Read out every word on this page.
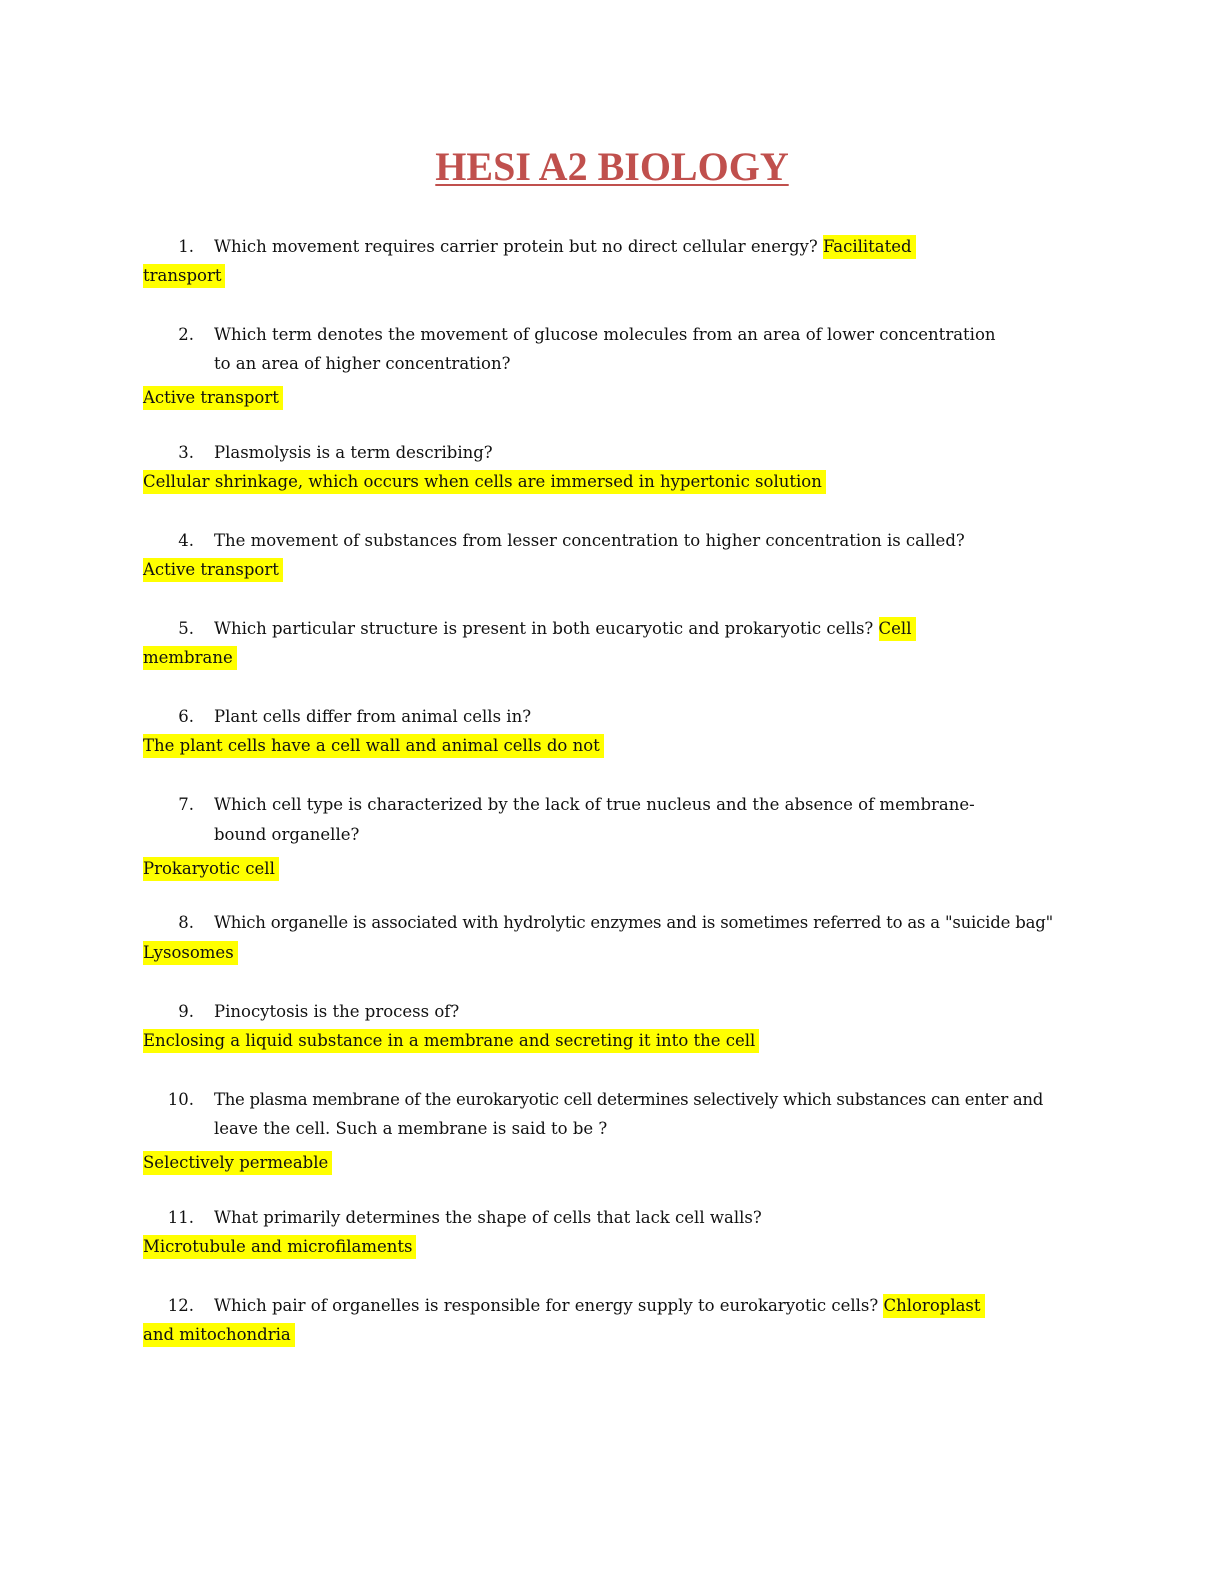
HESI A2 BIOLOGY
1. Which movement requires carrier protein but no direct cellular energy? Facilitated
transport
2. Which term denotes the movement of glucose molecules from an area of lower concentration
to an area of higher concentration?
Active transport
3. Plasmolysis is a term describing?
Cellular shrinkage, which occurs when cells are immersed in hypertonic solution
4. The movement of substances from lesser concentration to higher concentration is called?
Active transport
5. Which particular structure is present in both eucaryotic and prokaryotic cells? Cell
membrane
6. Plant cells differ from animal cells in?
The plant cells have a cell wall and animal cells do not
7. Which cell type is characterized by the lack of true nucleus and the absence of membrane-
bound organelle?
Prokaryotic cell
8. Which organelle is associated with hydrolytic enzymes and is sometimes referred to as a "suicide bag"
Lysosomes
9. Pinocytosis is the process of?
Enclosing a liquid substance in a membrane and secreting it into the cell
10. The plasma membrane of the eurokaryotic cell determines selectively which substances can enter and
leave the cell. Such a membrane is said to be ?
Selectively permeable
11. What primarily determines the shape of cells that lack cell walls?
Microtubule and microfilaments
12. Which pair of organelles is responsible for energy supply to eurokaryotic cells? Chloroplast
and mitochondria
